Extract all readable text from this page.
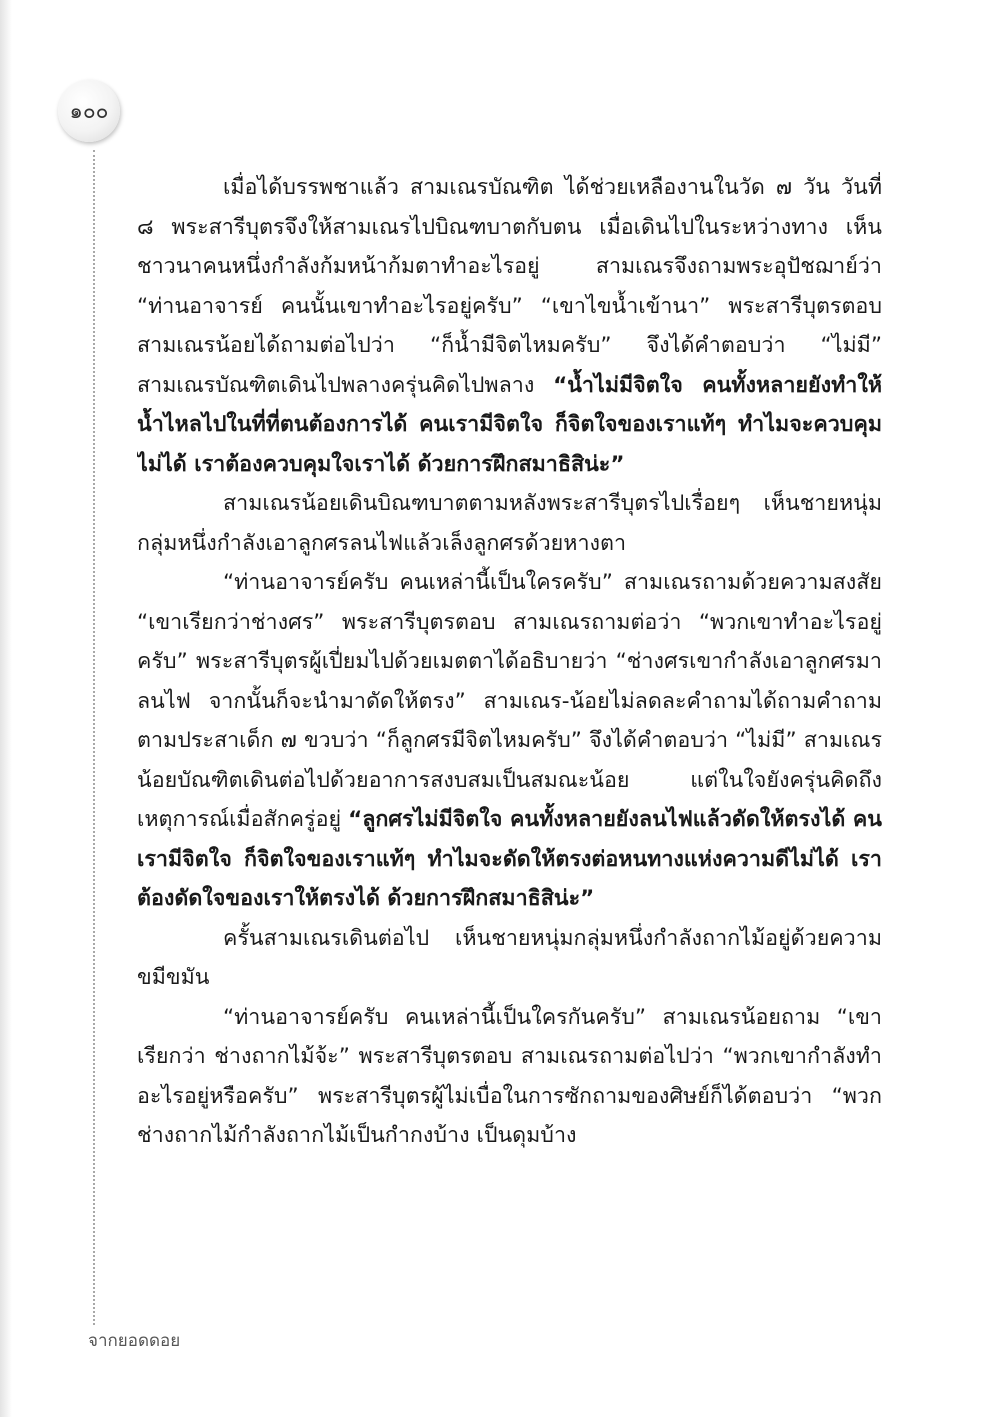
๑๐๐

เมื่อได้บรรพชาแล้ว สามเณรบัณฑิต ได้ช่วยเหลืองานในวัด ๗ วัน วันที่ ๘ พระสารีบุตรจึงให้สามเณรไปบิณฑบาตกับตน เมื่อเดินไปในระหว่างทาง เห็นชาวนาคนหนึ่งกำลังก้มหน้าก้มตาทำอะไรอยู่ สามเณรจึงถามพระอุปัชฌาย์ว่า “ท่านอาจารย์ คนนั้นเขาทำอะไรอยู่ครับ” “เขาไขน้ำเข้านา” พระสารีบุตรตอบ สามเณรน้อยได้ถามต่อไปว่า “ก็น้ำมีจิตไหมครับ” จึงได้คำตอบว่า “ไม่มี” สามเณรบัณฑิตเดินไปพลางครุ่นคิดไปพลาง “น้ำไม่มีจิตใจ คนทั้งหลายยังทำให้น้ำไหลไปในที่ที่ตนต้องการได้ คนเรามีจิตใจ ก็จิตใจของเราแท้ๆ ทำไมจะควบคุมไม่ได้ เราต้องควบคุมใจเราได้ ด้วยการฝึกสมาธิสิน่ะ”

สามเณรน้อยเดินบิณฑบาตตามหลังพระสารีบุตรไปเรื่อยๆ เห็นชายหนุ่มกลุ่มหนึ่งกำลังเอาลูกศรลนไฟแล้วเล็งลูกศรด้วยหางตา

“ท่านอาจารย์ครับ คนเหล่านี้เป็นใครครับ” สามเณรถามด้วยความสงสัย “เขาเรียกว่าช่างศร” พระสารีบุตรตอบ สามเณรถามต่อว่า “พวกเขาทำอะไรอยู่ครับ” พระสารีบุตรผู้เปี่ยมไปด้วยเมตตาได้อธิบายว่า “ช่างศรเขากำลังเอาลูกศรมาลนไฟ จากนั้นก็จะนำมาดัดให้ตรง” สามเณร-น้อยไม่ลดละคำถามได้ถามคำถามตามประสาเด็ก ๗ ขวบว่า “ก็ลูกศรมีจิตไหมครับ” จึงได้คำตอบว่า “ไม่มี” สามเณรน้อยบัณฑิตเดินต่อไปด้วยอาการสงบสมเป็นสมณะน้อย แต่ในใจยังครุ่นคิดถึงเหตุการณ์เมื่อสักครู่อยู่ “ลูกศรไม่มีจิตใจ คนทั้งหลายยังลนไฟแล้วดัดให้ตรงได้ คนเรามีจิตใจ ก็จิตใจของเราแท้ๆ ทำไมจะดัดให้ตรงต่อหนทางแห่งความดีไม่ได้ เราต้องดัดใจของเราให้ตรงได้ ด้วยการฝึกสมาธิสิน่ะ”

ครั้นสามเณรเดินต่อไป เห็นชายหนุ่มกลุ่มหนึ่งกำลังถากไม้อยู่ด้วยความขมีขมัน

“ท่านอาจารย์ครับ คนเหล่านี้เป็นใครกันครับ” สามเณรน้อยถาม “เขาเรียกว่า ช่างถากไม้จ้ะ” พระสารีบุตรตอบ สามเณรถามต่อไปว่า “พวกเขากำลังทำอะไรอยู่หรือครับ” พระสารีบุตรผู้ไม่เบื่อในการซักถามของศิษย์ก็ได้ตอบว่า “พวกช่างถากไม้กำลังถากไม้เป็นกำกงบ้าง เป็นดุมบ้าง

จากยอดดอย
